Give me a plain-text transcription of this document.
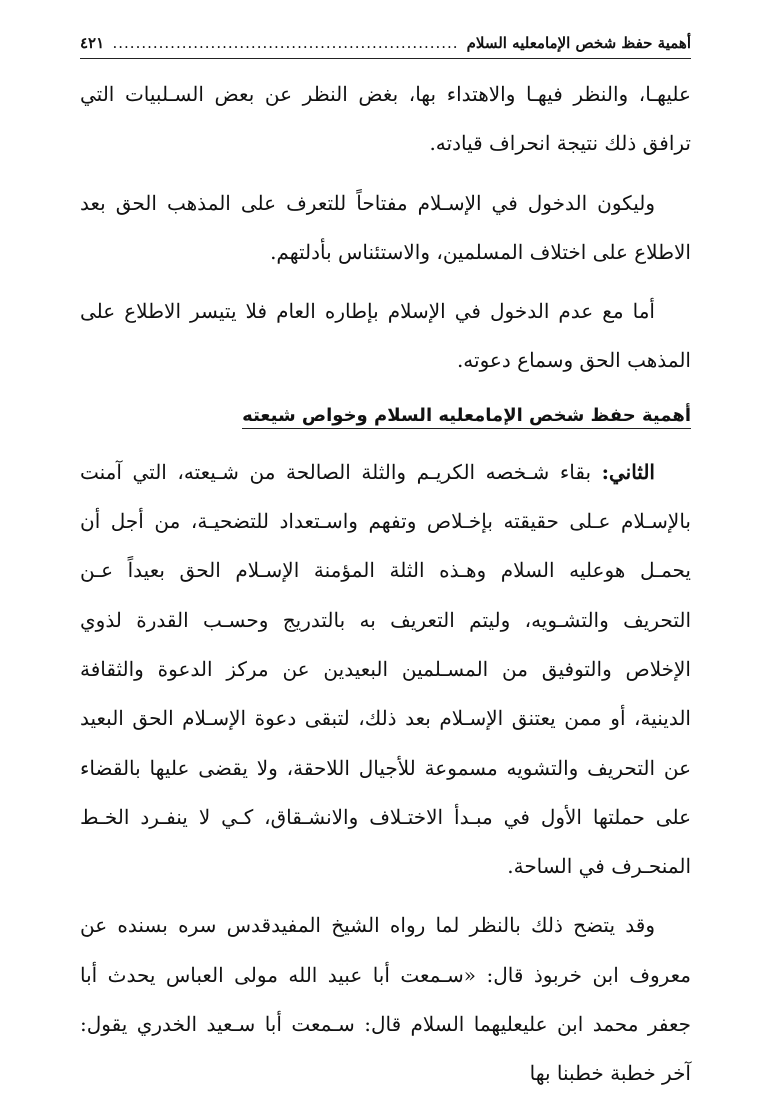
أهمية حفظ شخص الإمامعليه السلام
.....
٤٢١

عليهـا، والنظر فيهـا والاهتداء بها، بغض النظر عن بعض السـلبيات التي ترافق ذلك نتيجة انحراف قيادته.

وليكون الدخول في الإسـلام مفتاحاً للتعرف على المذهب الحق بعد الاطلاع على اختلاف المسلمين، والاستئناس بأدلتهم.

أما مع عدم الدخول في الإسلام بإطاره العام فلا يتيسر الاطلاع على المذهب الحق وسماع دعوته.

أهمية حفظ شخص الإمامعليه السلام وخواص شيعته

الثاني: بقاء شـخصه الكريـم والثلة الصالحة من شـيعته، التي آمنت بالإسـلام عـلى حقيقته بإخـلاص وتفهم واسـتعداد للتضحيـة، من أجل أن يحمـل هوعليه السلام وهـذه الثلة المؤمنة الإسـلام الحق بعيداً عـن التحريف والتشـويه، وليتم التعريف به بالتدريج وحسـب القدرة لذوي الإخلاص والتوفيق من المسـلمين البعيدين عن مركز الدعوة والثقافة الدينية، أو ممن يعتنق الإسـلام بعد ذلك، لتبقى دعوة الإسـلام الحق البعيد عن التحريف والتشويه مسموعة للأجيال اللاحقة، ولا يقضى عليها بالقضاء على حملتها الأول في مبـدأ الاختـلاف والانشـقاق، كـي لا ينفـرد الخـط المنحـرف في الساحة.

وقد يتضح ذلك بالنظر لما رواه الشيخ المفيدقدس سره بسنده عن معروف ابن خربوذ قال: «سـمعت أبا عبيد الله مولى العباس يحدث أبا جعفر محمد ابن عليعليهما السلام قال: سـمعت أبا سـعيد الخدري يقول: آخر خطبة خطبنا بها
